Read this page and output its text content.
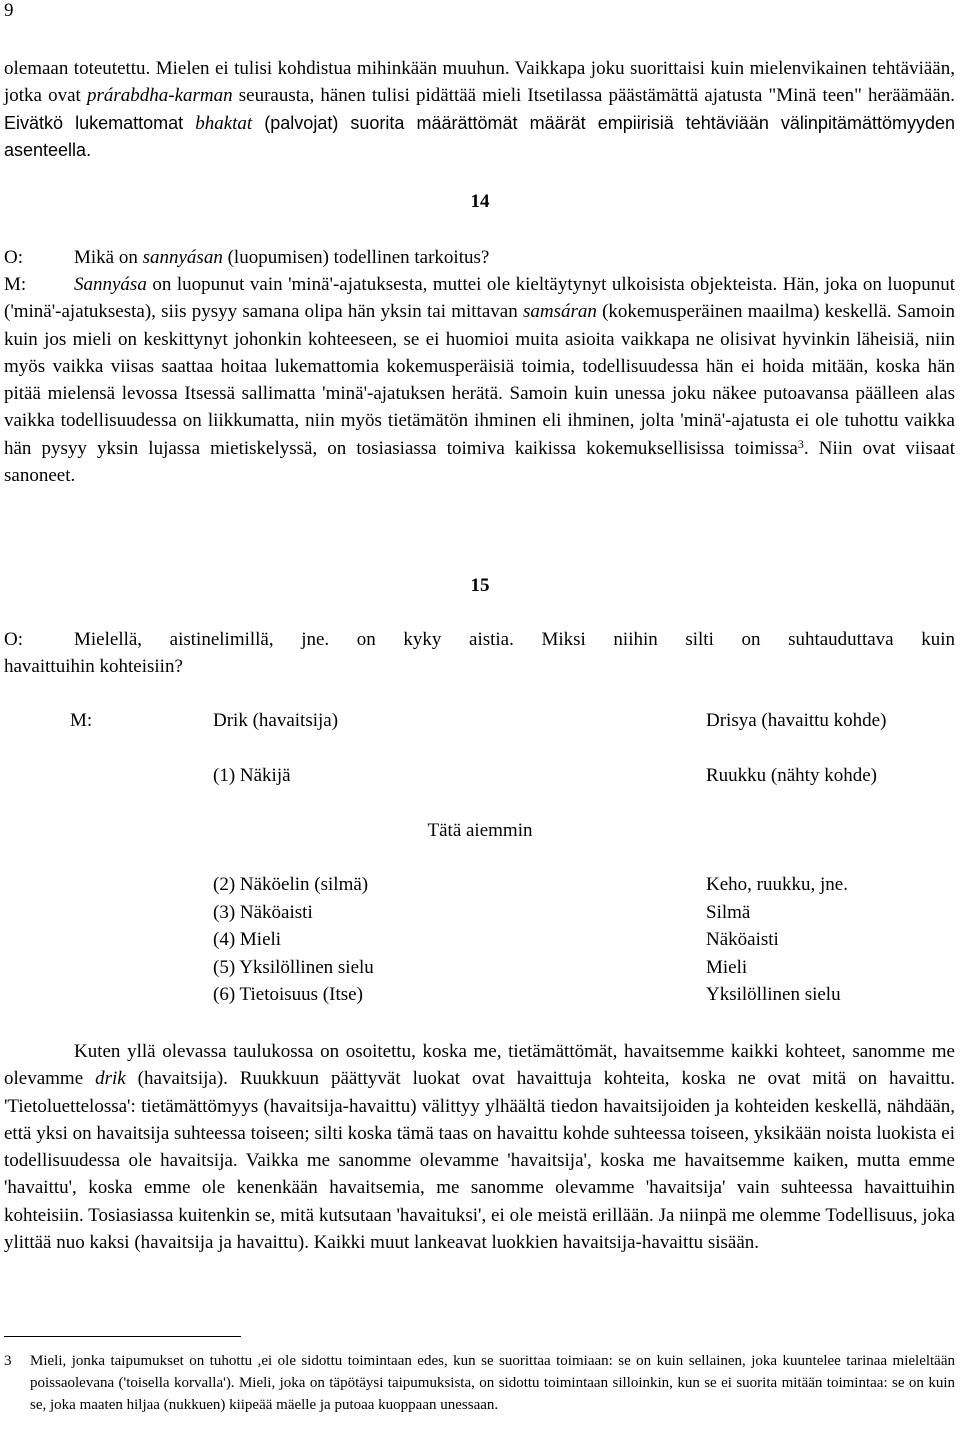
9

olemaan toteutettu. Mielen ei tulisi kohdistua mihinkään muuhun. Vaikkapa joku suorittaisi kuin mielenvikainen tehtäviään, jotka ovat prárabdha-karman seurausta, hänen tulisi pidättää mieli Itsetilassa päästämättä ajatusta "Minä teen" heräämään. Eivätkö lukemattomat bhaktat (palvojat) suorita määrättömät määrät empiirisiä tehtäviään välinpitämättömyyden asenteella.

14

O:	Mikä on sannyásan (luopumisen) todellinen tarkoitus?

M:	Sannyása on luopunut vain 'minä'-ajatuksesta, muttei ole kieltäytynyt ulkoisista objekteista. Hän, joka on luopunut ('minä'-ajatuksesta), siis pysyy samana olipa hän yksin tai mittavan samsáran (kokemusperäinen maailma) keskellä. Samoin kuin jos mieli on keskittynyt johonkin kohteeseen, se ei huomioi muita asioita vaikkapa ne olisivat hyvinkin läheisiä, niin myös vaikka viisas saattaa hoitaa lukemattomia kokemusperäisiä toimia, todellisuudessa hän ei hoida mitään, koska hän pitää mielensä levossa Itsessä sallimatta 'minä'-ajatuksen herätä. Samoin kuin unessa joku näkee putoavansa päälleen alas vaikka todellisuudessa on liikkumatta, niin myös tietämätön ihminen eli ihminen, jolta 'minä'-ajatusta ei ole tuhottu vaikka hän pysyy yksin lujassa mietiskelyssä, on tosiasiassa toimiva kaikissa kokemuksellisissa toimissa$^3$. Niin ovat viisaat sanoneet.

15

O:	Mielellä, aistinelimillä, jne. on kyky aistia. Miksi niihin silti on suhtauduttava kuin

havaittuihin kohteisiin?

M:	Drik (havaitsija)	Drisya (havaittu kohde)
(1) Näkijä	Ruukku (nähty kohde)
Tätä aiemmin
(2) Näköelin (silmä)	Keho, ruukku, jne.
(3) Näköaisti	Silmä
(4) Mieli	Näköaisti
(5) Yksilöllinen sielu	Mieli
(6) Tietoisuus (Itse)	Yksilöllinen sielu

Kuten yllä olevassa taulukossa on osoitettu, koska me, tietämättömät, havaitsemme kaikki kohteet, sanomme me olevamme drik (havaitsija). Ruukkuun päättyvät luokat ovat havaittuja kohteita, koska ne ovat mitä on havaittu. 'Tietoluettelossa': tietämättömyys (havaitsija-havaittu) välittyy ylhäältä tiedon havaitsijoiden ja kohteiden keskellä, nähdään, että yksi on havaitsija suhteessa toiseen; silti koska tämä taas on havaittu kohde suhteessa toiseen, yksikään noista luokista ei todellisuudessa ole havaitsija. Vaikka me sanomme olevamme 'havaitsija', koska me havaitsemme kaiken, mutta emme 'havaittu', koska emme ole kenenkään havaitsemia, me sanomme olevamme 'havaitsija' vain suhteessa havaittuihin kohteisiin. Tosiasiassa kuitenkin se, mitä kutsutaan 'havaituksi', ei ole meistä erillään. Ja niinpä me olemme Todellisuus, joka ylittää nuo kaksi (havaitsija ja havaittu). Kaikki muut lankeavat luokkien havaitsija-havaittu sisään.

3 Mieli, jonka taipumukset on tuhottu ,ei ole sidottu toimintaan edes, kun se suorittaa toimiaan: se on kuin sellainen, joka kuuntelee tarinaa mieleltään poissaolevana ('toisella korvalla'). Mieli, joka on täpötäysi taipumuksista, on sidottu toimintaan silloinkin, kun se ei suorita mitään toimintaa: se on kuin se, joka maaten hiljaa (nukkuen) kiipeää mäelle ja putoaa kuoppaan unessaan.
